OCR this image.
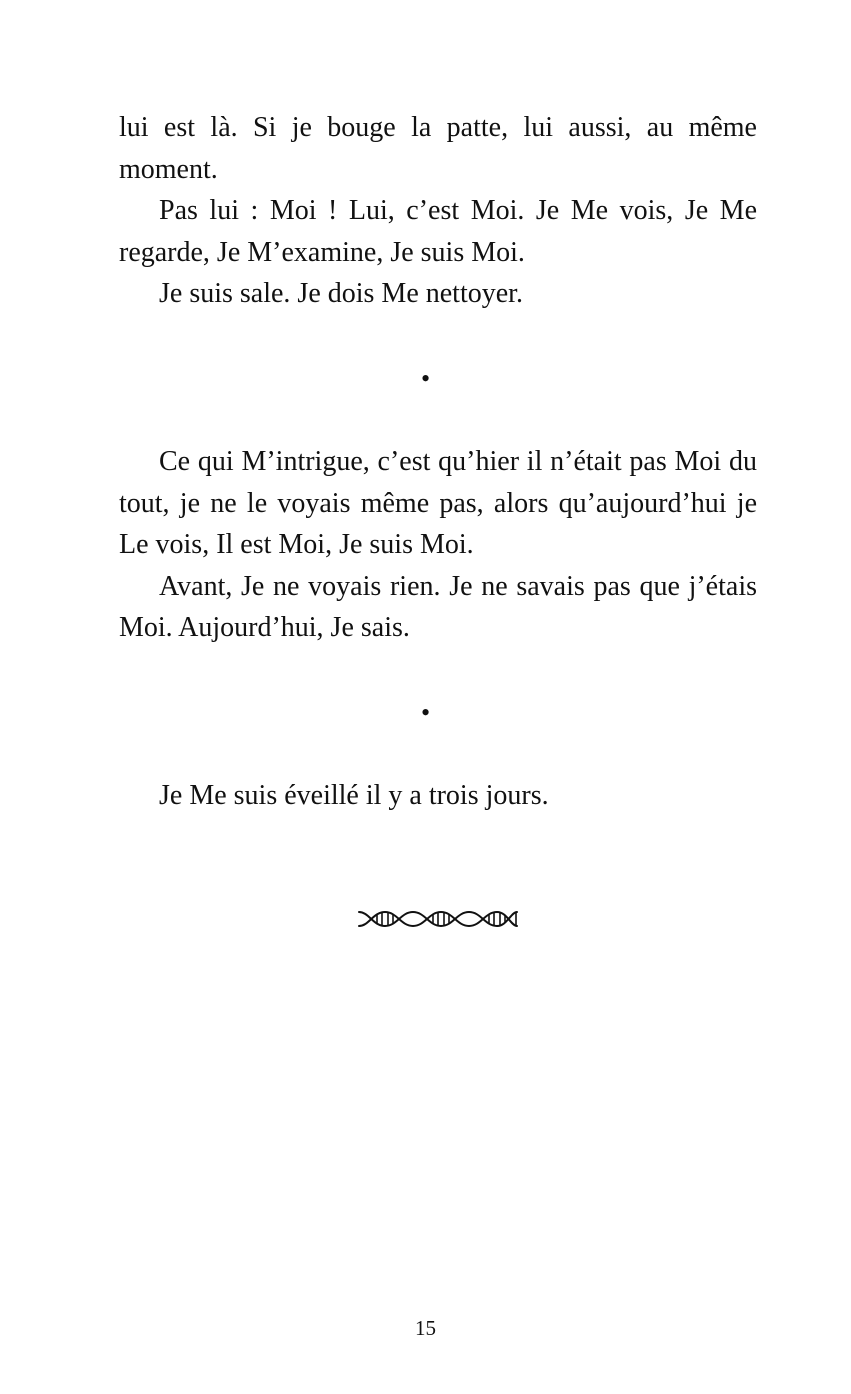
lui est là. Si je bouge la patte, lui aussi, au même moment.

Pas lui : Moi ! Lui, c’est Moi. Je Me vois, Je Me regarde, Je M’examine, Je suis Moi.

Je suis sale. Je dois Me nettoyer.

•

Ce qui M’intrigue, c’est qu’hier il n’était pas Moi du tout, je ne le voyais même pas, alors qu’aujourd’hui je Le vois, Il est Moi, Je suis Moi.

Avant, Je ne voyais rien. Je ne savais pas que j’étais Moi. Aujourd’hui, Je sais.

•

Je Me suis éveillé il y a trois jours.

15
